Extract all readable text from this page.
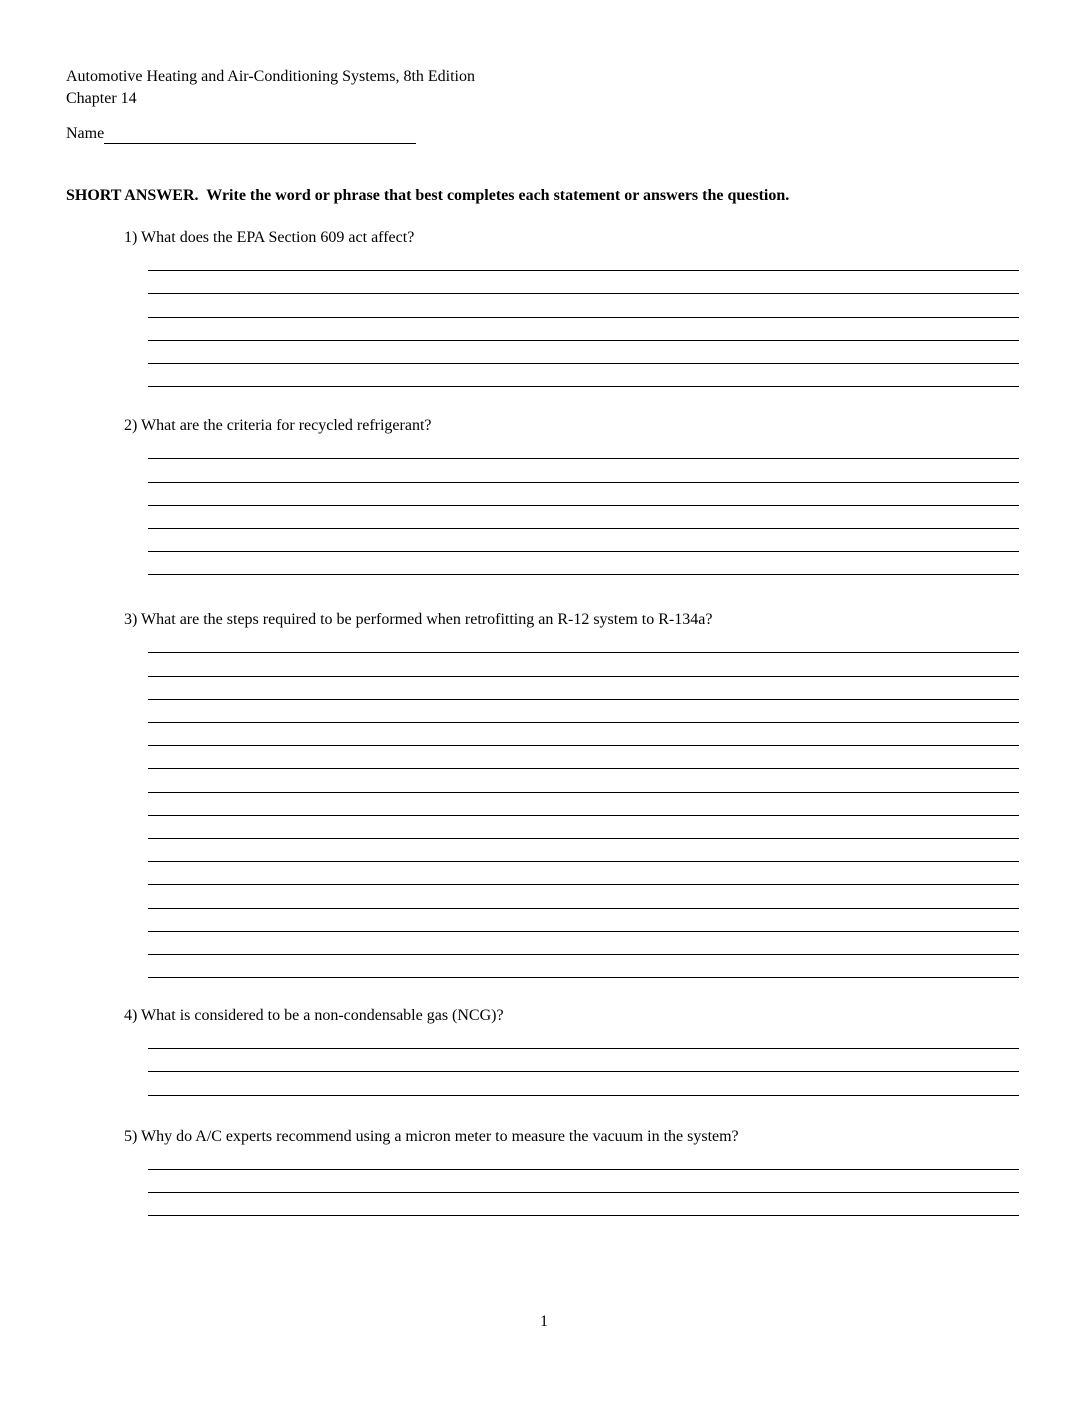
Automotive Heating and Air-Conditioning Systems, 8th Edition
Chapter 14
Name
SHORT ANSWER.  Write the word or phrase that best completes each statement or answers the question.
1) What does the EPA Section 609 act affect?
2) What are the criteria for recycled refrigerant?
3) What are the steps required to be performed when retrofitting an R-12 system to R-134a?
4) What is considered to be a non-condensable gas (NCG)?
5) Why do A/C experts recommend using a micron meter to measure the vacuum in the system?
1
